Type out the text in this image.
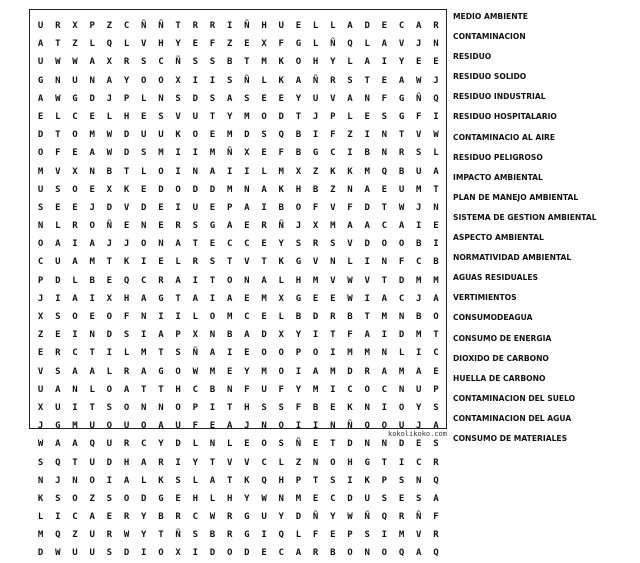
U	R	X	P	Z	C	Ñ	Ñ	T	R	R	I	Ñ	H	U	E	L	L	A	D	E	C	A	R
A	T	Z	L	Q	L	V	H	Y	E	F	Z	E	X	F	G	L	Ñ	Q	L	A	V	J	N
U	W	W	A	X	R	S	C	Ñ	S	S	B	T	M	K	O	H	Y	L	A	I	Y	E	E
G	N	U	N	A	Y	O	O	X	I	I	S	Ñ	L	K	A	Ñ	R	S	T	E	A	W	J
A	W	G	D	J	P	L	N	S	D	S	A	S	E	E	Y	U	V	A	N	F	G	Ñ	Q
E	L	C	E	L	H	E	S	V	U	T	Y	M	O	D	T	J	P	L	E	S	G	F	I
D	T	O	M	W	D	U	U	K	O	E	M	D	S	Q	B	I	F	Z	I	N	T	V	W
O	F	E	A	W	D	S	M	I	I	M	Ñ	X	E	F	B	G	C	I	B	N	R	S	L
M	V	X	N	B	T	L	O	I	N	A	I	I	L	M	X	Z	K	K	M	Q	B	U	A
U	S	O	E	X	K	E	D	O	D	D	M	N	A	K	H	B	Z	N	A	E	U	M	T
S	E	E	J	D	V	D	E	I	U	E	P	A	I	B	O	F	V	F	D	T	W	J	N
N	L	R	O	Ñ	E	N	E	R	S	G	A	E	R	Ñ	J	X	M	A	A	C	A	I	E
O	A	I	A	J	J	O	N	A	T	E	C	C	E	Y	S	R	S	V	D	O	O	B	I
C	U	A	M	T	K	I	E	L	R	S	T	V	T	K	G	V	N	L	I	N	F	C	B
P	D	L	B	E	Q	C	R	A	I	T	O	N	A	L	H	M	V	W	V	T	D	M	M
J	I	A	I	X	H	A	G	T	A	I	A	E	M	X	G	E	E	W	I	A	C	J	A
X	S	O	E	O	F	N	I	I	L	O	M	C	E	L	B	D	R	B	T	M	N	B	O
Z	E	I	N	D	S	I	A	P	X	N	B	A	D	X	Y	I	T	F	A	I	D	M	T
E	R	C	T	I	L	M	T	S	Ñ	A	I	E	O	O	P	O	I	M	M	N	L	I	C
V	S	A	A	L	R	A	G	O	W	M	E	Y	M	O	I	A	M	D	R	A	M	A	E
U	A	N	L	O	A	T	T	H	C	B	N	F	U	F	Y	M	I	C	O	C	N	U	P
X	U	I	T	S	O	N	N	O	P	I	T	H	S	S	F	B	E	K	N	I	O	Y	S
J	G	M	U	O	U	O	A	U	F	E	A	J	N	O	I	I	N	Ñ	Q	O	U	J	A
W	A	A	Q	U	R	C	Y	D	L	N	L	E	O	S	Ñ	E	T	D	N	N	D	E	S
S	Q	T	U	D	H	A	R	I	Y	T	V	V	C	L	Z	N	O	H	G	T	I	C	R
N	J	N	O	I	A	L	K	S	L	A	T	K	Q	H	P	T	S	I	K	P	S	N	Q
K	S	O	Z	S	O	D	G	E	H	L	H	Y	W	N	M	E	C	D	U	S	E	S	A
L	I	C	A	E	R	Y	B	R	C	W	R	G	U	Y	D	Ñ	Y	W	Ñ	Q	R	Ñ	F
M	Q	Z	U	R	W	Y	T	Ñ	S	B	R	G	I	Q	L	F	E	P	S	I	M	V	R
D	W	U	U	S	D	I	O	X	I	D	O	D	E	C	A	R	B	O	N	O	Q	A	Q
kokolikoko.com
MEDIO AMBIENTE
CONTAMINACION
RESIDUO
RESIDUO SOLIDO
RESIDUO INDUSTRIAL
RESIDUO HOSPITALARIO
CONTAMINACIO AL AIRE
RESIDUO PELIGROSO
IMPACTO AMBIENTAL
PLAN DE MANEJO AMBIENTAL
SISTEMA DE GESTION AMBIENTAL
ASPECTO AMBIENTAL
NORMATIVIDAD AMBIENTAL
AGUAS RESIDUALES
VERTIMIENTOS
CONSUMODEAGUA
CONSUMO DE ENERGIA
DIOXIDO DE CARBONO
HUELLA DE CARBONO
CONTAMINACION DEL SUELO
CONTAMINACION DEL AGUA
CONSUMO DE MATERIALES
